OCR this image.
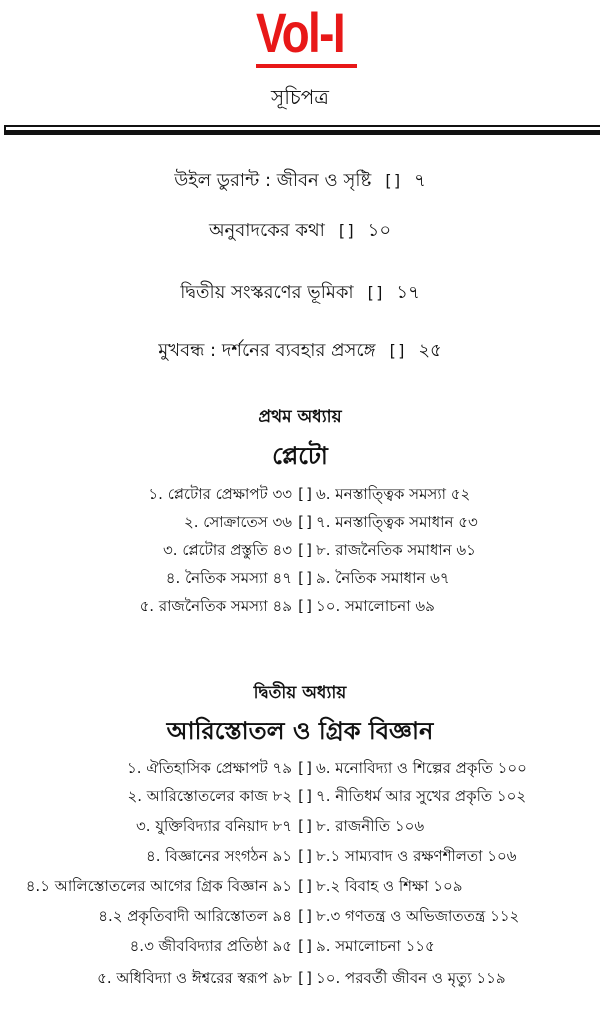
Vol-I
সূচিপত্র
উইল ডুরান্ট : জীবন ও সৃষ্টি [] ৭
অনুবাদকের কথা [] ১০
দ্বিতীয় সংস্করণের ভূমিকা [] ১৭
মুখবন্ধ : দর্শনের ব্যবহার প্রসঙ্গে [] ২৫
প্রথম অধ্যায়
প্লেটো
১. প্লেটোর প্রেক্ষাপট ৩৩ [] ৬. মনস্তাত্ত্বিক সমস্যা ৫২
২. সোক্রাতেস ৩৬ [] ৭. মনস্তাত্ত্বিক সমাধান ৫৩
৩. প্লেটোর প্রস্তুতি ৪৩ [] ৮. রাজনৈতিক সমাধান ৬১
৪. নৈতিক সমস্যা ৪৭ [] ৯. নৈতিক সমাধান ৬৭
৫. রাজনৈতিক সমস্যা ৪৯ [] ১০. সমালোচনা ৬৯
দ্বিতীয় অধ্যায়
আরিস্তোতল ও গ্রিক বিজ্ঞান
১. ঐতিহাসিক প্রেক্ষাপট ৭৯ [] ৬. মনোবিদ্যা ও শিল্পের প্রকৃতি ১০০
২. আরিস্তোতলের কাজ ৮২ [] ৭. নীতিধর্ম আর সুখের প্রকৃতি ১০২
৩. যুক্তিবিদ্যার বনিয়াদ ৮৭ [] ৮. রাজনীতি ১০৬
৪. বিজ্ঞানের সংগঠন ৯১ [] ৮.১ সাম্যবাদ ও রক্ষণশীলতা ১০৬
৪.১ আলিস্তোতলের আগের গ্রিক বিজ্ঞান ৯১ [] ৮.২ বিবাহ ও শিক্ষা ১০৯
৪.২ প্রকৃতিবাদী আরিস্তোতল ৯৪ [] ৮.৩ গণতন্ত্র ও অভিজাততন্ত্র ১১২
৪.৩ জীববিদ্যার প্রতিষ্ঠা ৯৫ [] ৯. সমালোচনা ১১৫
৫. অধিবিদ্যা ও ঈশ্বরের স্বরূপ ৯৮ [] ১০. পরবর্তী জীবন ও মৃত্যু ১১৯
